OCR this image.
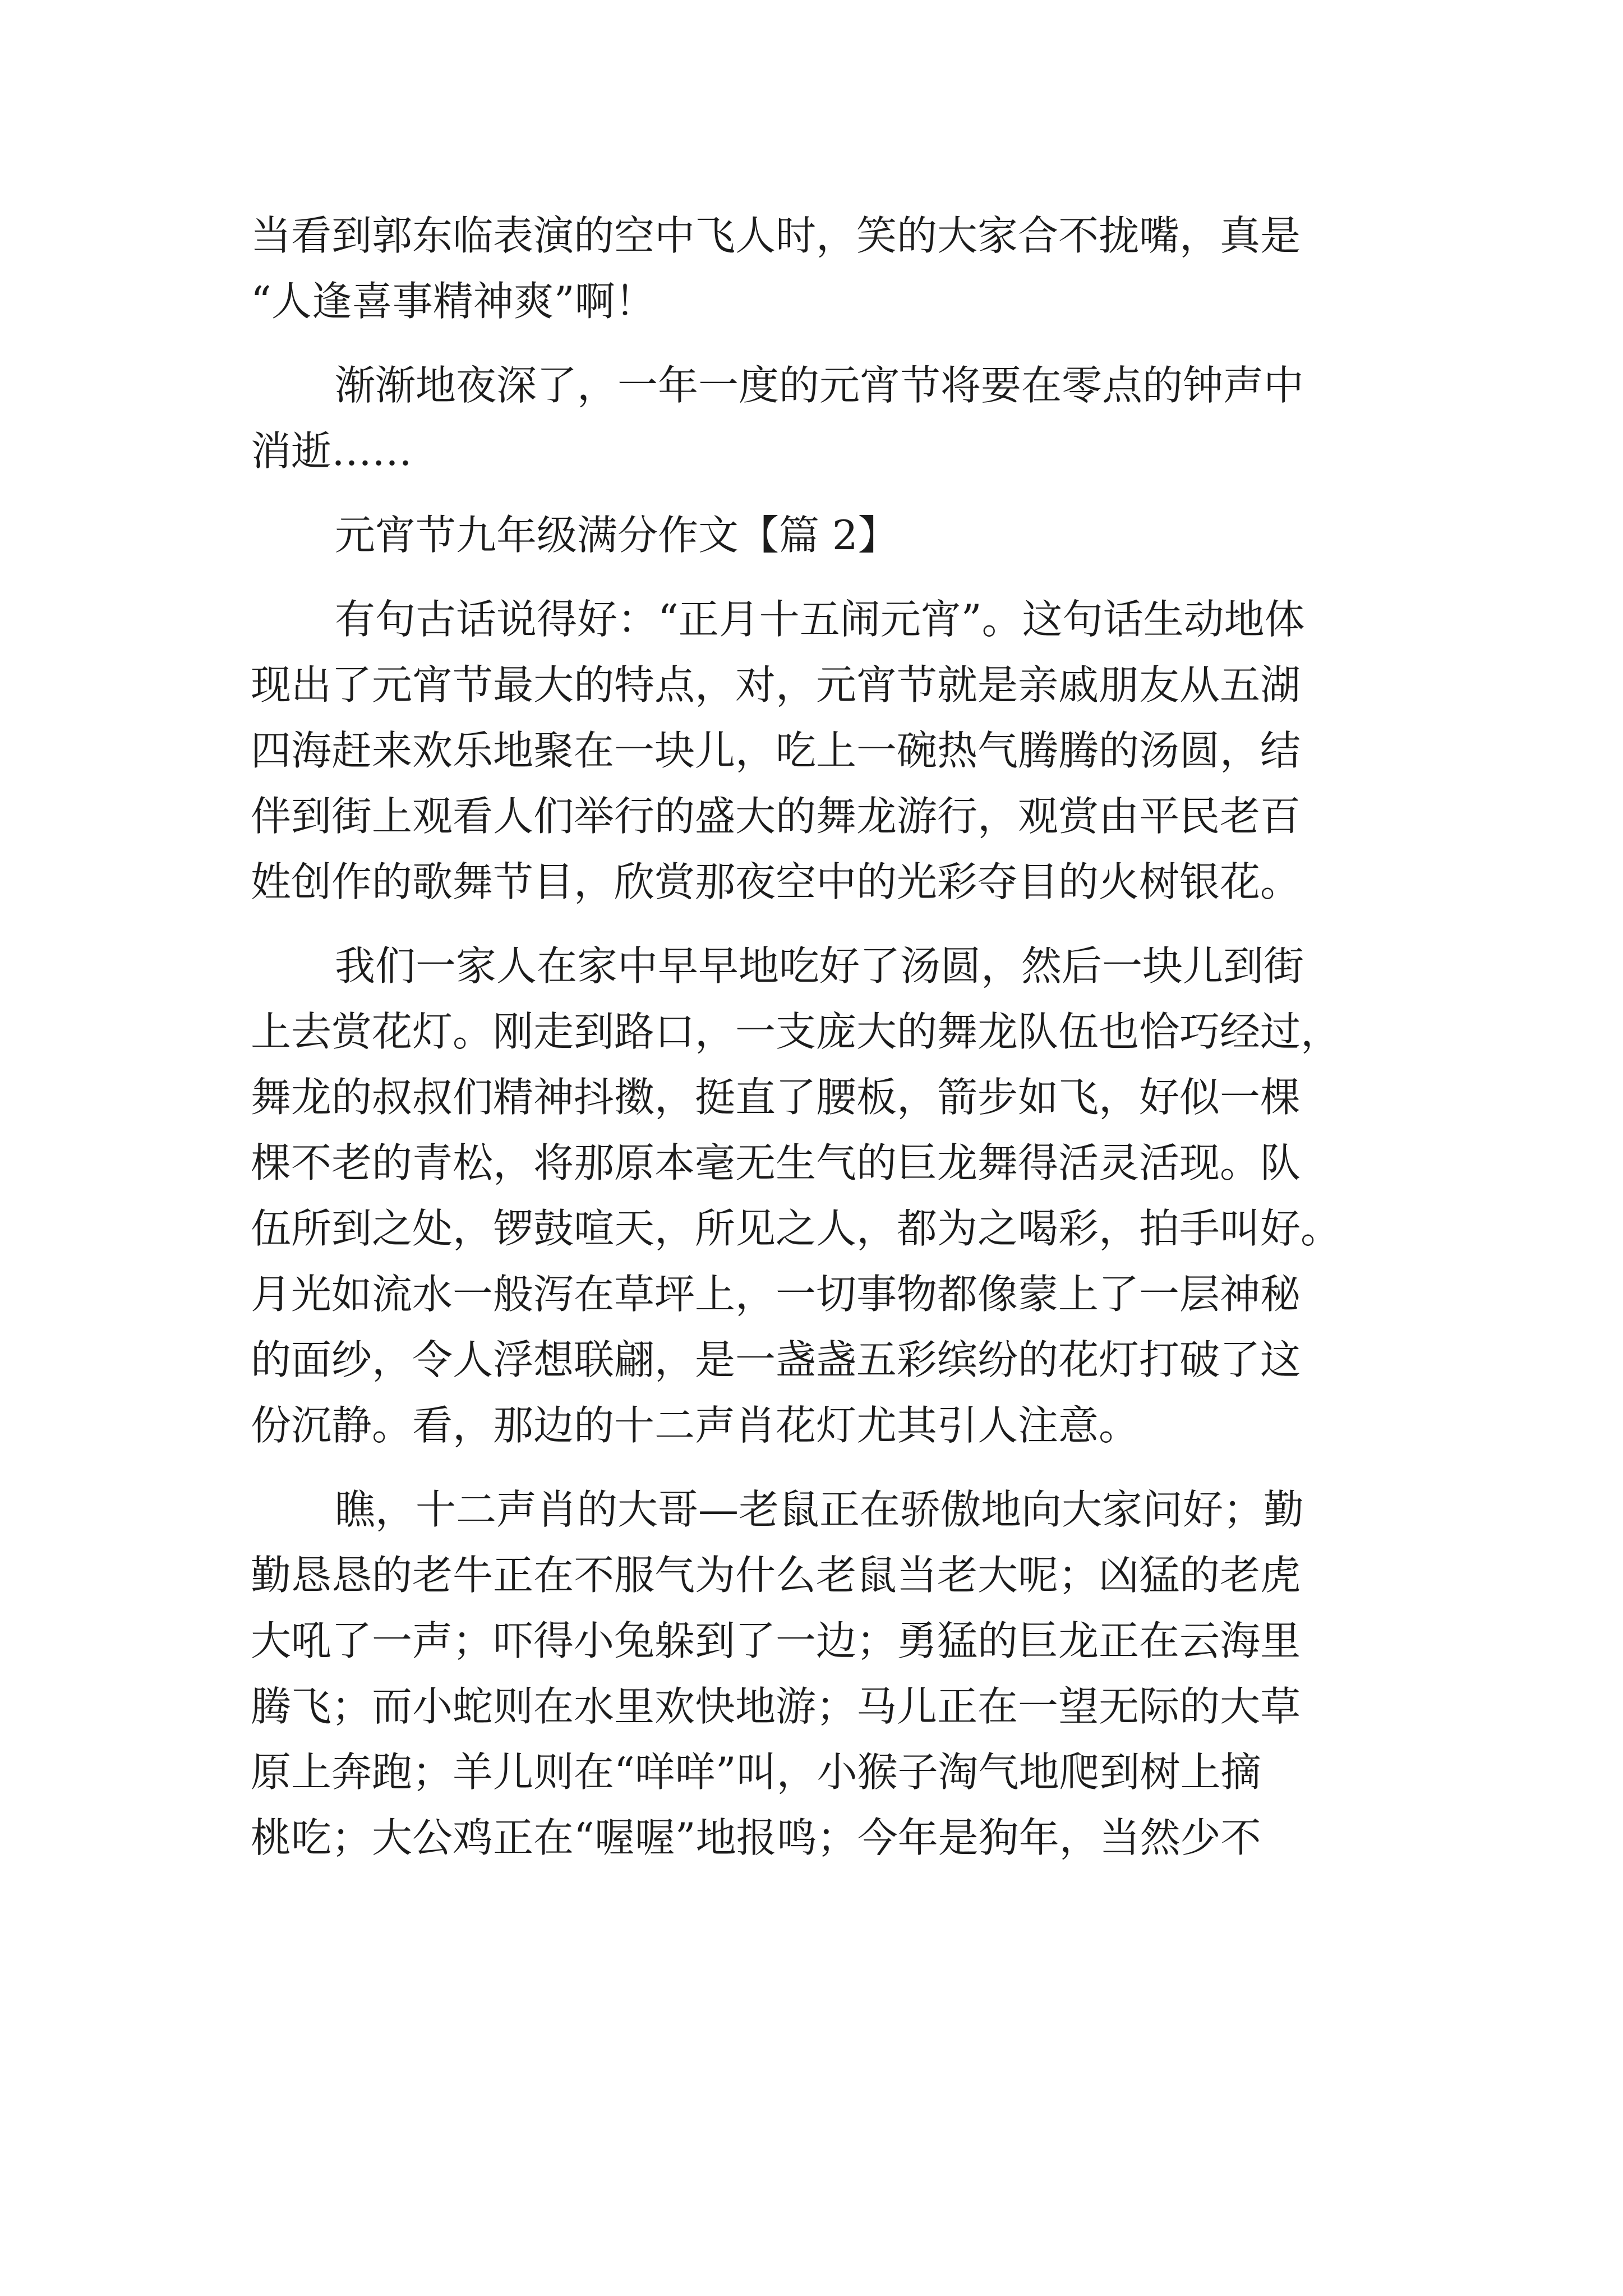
当看到郭东临表演的空中飞人时，笑的大家合不拢嘴，真是
“人逢喜事精神爽”啊！
渐渐地夜深了，一年一度的元宵节将要在零点的钟声中
消逝……
元宵节九年级满分作文【篇 2】
有句古话说得好：“正月十五闹元宵”。这句话生动地体
现出了元宵节最大的特点，对，元宵节就是亲戚朋友从五湖
四海赶来欢乐地聚在一块儿，吃上一碗热气腾腾的汤圆，结
伴到街上观看人们举行的盛大的舞龙游行，观赏由平民老百
姓创作的歌舞节目，欣赏那夜空中的光彩夺目的火树银花。
我们一家人在家中早早地吃好了汤圆，然后一块儿到街
上去赏花灯。刚走到路口，一支庞大的舞龙队伍也恰巧经过，
舞龙的叔叔们精神抖擞，挺直了腰板，箭步如飞，好似一棵
棵不老的青松，将那原本毫无生气的巨龙舞得活灵活现。队
伍所到之处，锣鼓喧天，所见之人，都为之喝彩，拍手叫好。
月光如流水一般泻在草坪上，一切事物都像蒙上了一层神秘
的面纱，令人浮想联翩，是一盏盏五彩缤纷的花灯打破了这
份沉静。看，那边的十二声肖花灯尤其引人注意。
瞧，十二声肖的大哥—老鼠正在骄傲地向大家问好；勤
勤恳恳的老牛正在不服气为什么老鼠当老大呢；凶猛的老虎
大吼了一声；吓得小兔躲到了一边；勇猛的巨龙正在云海里
腾飞；而小蛇则在水里欢快地游；马儿正在一望无际的大草
原上奔跑；羊儿则在“咩咩”叫，小猴子淘气地爬到树上摘
桃吃；大公鸡正在“喔喔”地报鸣；今年是狗年，当然少不
